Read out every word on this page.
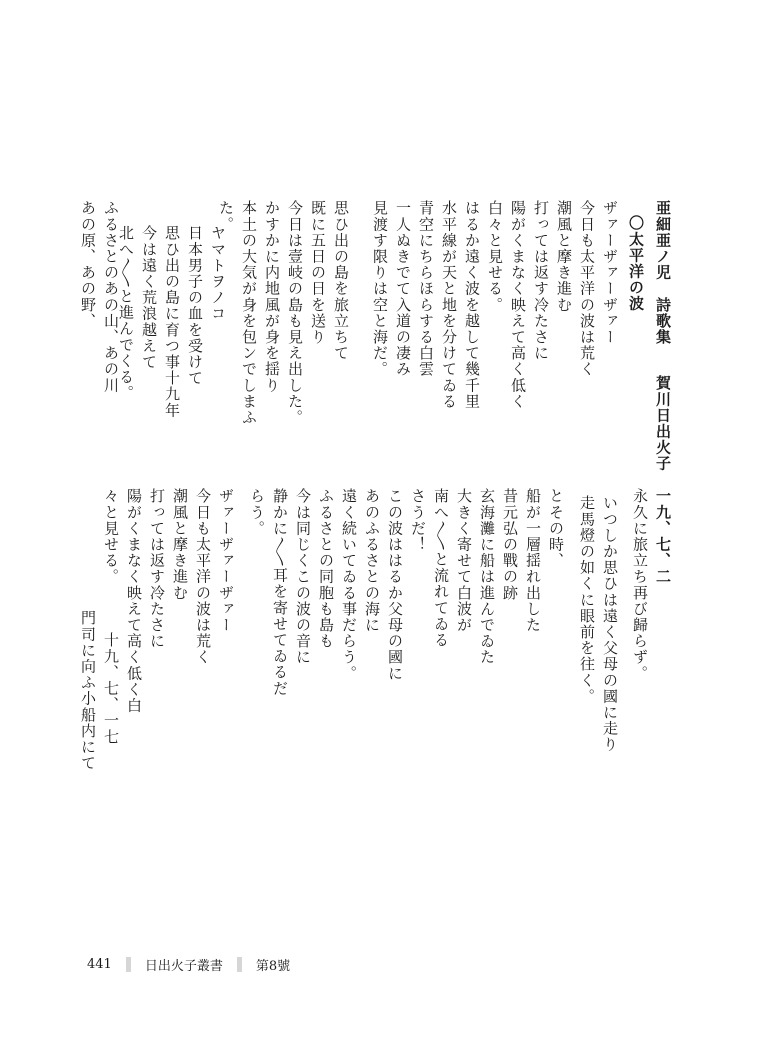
亜細亜ノ児　詩歌集
〇太平洋の波
賀川日出火子
ザァーザァーザァー
今日も太平洋の波は荒く
潮風と摩き進む
打っては返す冷たさに
陽がくまなく映えて高く低く
白々と見せる。
はるか遠く波を越して幾千里
水平線が天と地を分けてゐる
青空にちらほらする白雲
一人ぬきでて入道の凄み
見渡す限りは空と海だ。
思ひ出の島を旅立ちて
既に五日の日を送り
今日は壹岐の島も見え出した。
かすかに内地風が身を揺り
本土の大気が身を包ンでしまふ
た。
ヤマトヲノコ
日本男子の血を受けて
思ひ出の島に育つ事十九年
今は遠く荒浪越えて
北へ〳〵と進んでくる。
ふるさとのあの山、あの川
あの原、あの野、
一九、七、二
永久に旅立ち再び歸らず。
いつしか思ひは遠く父母の國に走り
走馬燈の如くに眼前を往く。
とその時、
船が一層揺れ出した
昔元弘の戰の跡
玄海灘に船は進んでゐた
大きく寄せて白波が
南へ〳〵と流れてゐる
さうだ！
この波ははるか父母の國に
あのふるさとの海に
遠く続いてゐる事だらう。
ふるさとの同胞も島も
今は同じくこの波の音に
静かに〳〵耳を寄せてゐるだ
らう。
ザァーザァーザァー
今日も太平洋の波は荒く
潮風と摩き進む
打っては返す冷たさに
陽がくまなく映えて高く低く白
々と見せる。
十九、七、一七
門司に向ふ小船内にて
441	日出火子叢書	第8號
